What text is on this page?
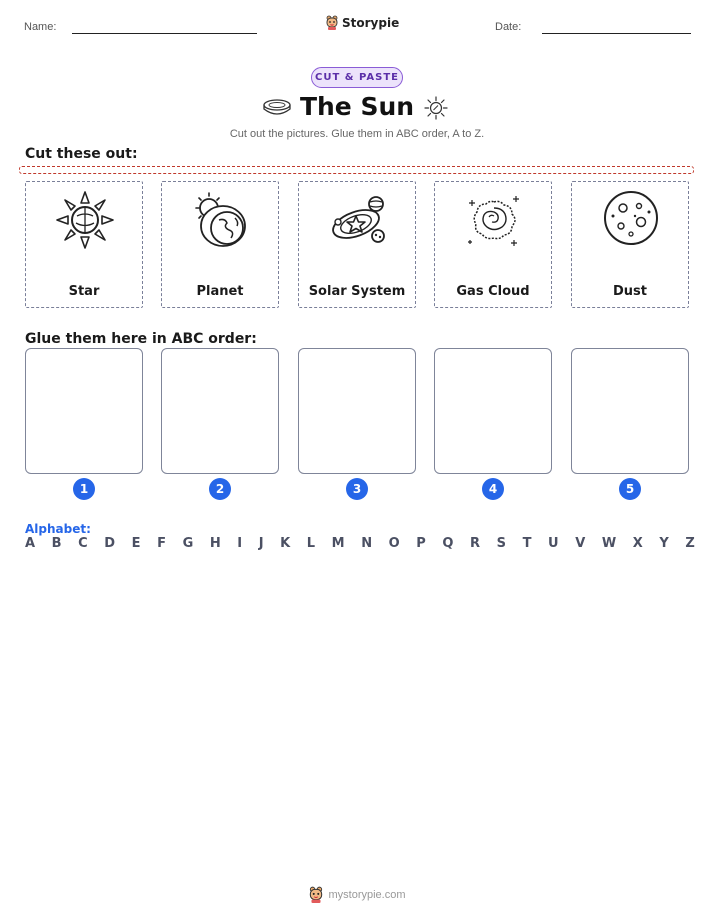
Name:	Storypie	Date:
CUT & PASTE
The Sun
Cut out the pictures. Glue them in ABC order, A to Z.
Cut these out:
Star	Planet	Solar System	Gas Cloud	Dust
Glue them here in ABC order:
1	2	3	4	5
Alphabet:
A B C D E F G H I J K L M N O P Q R S T U V W X Y Z
mystorypie.com
